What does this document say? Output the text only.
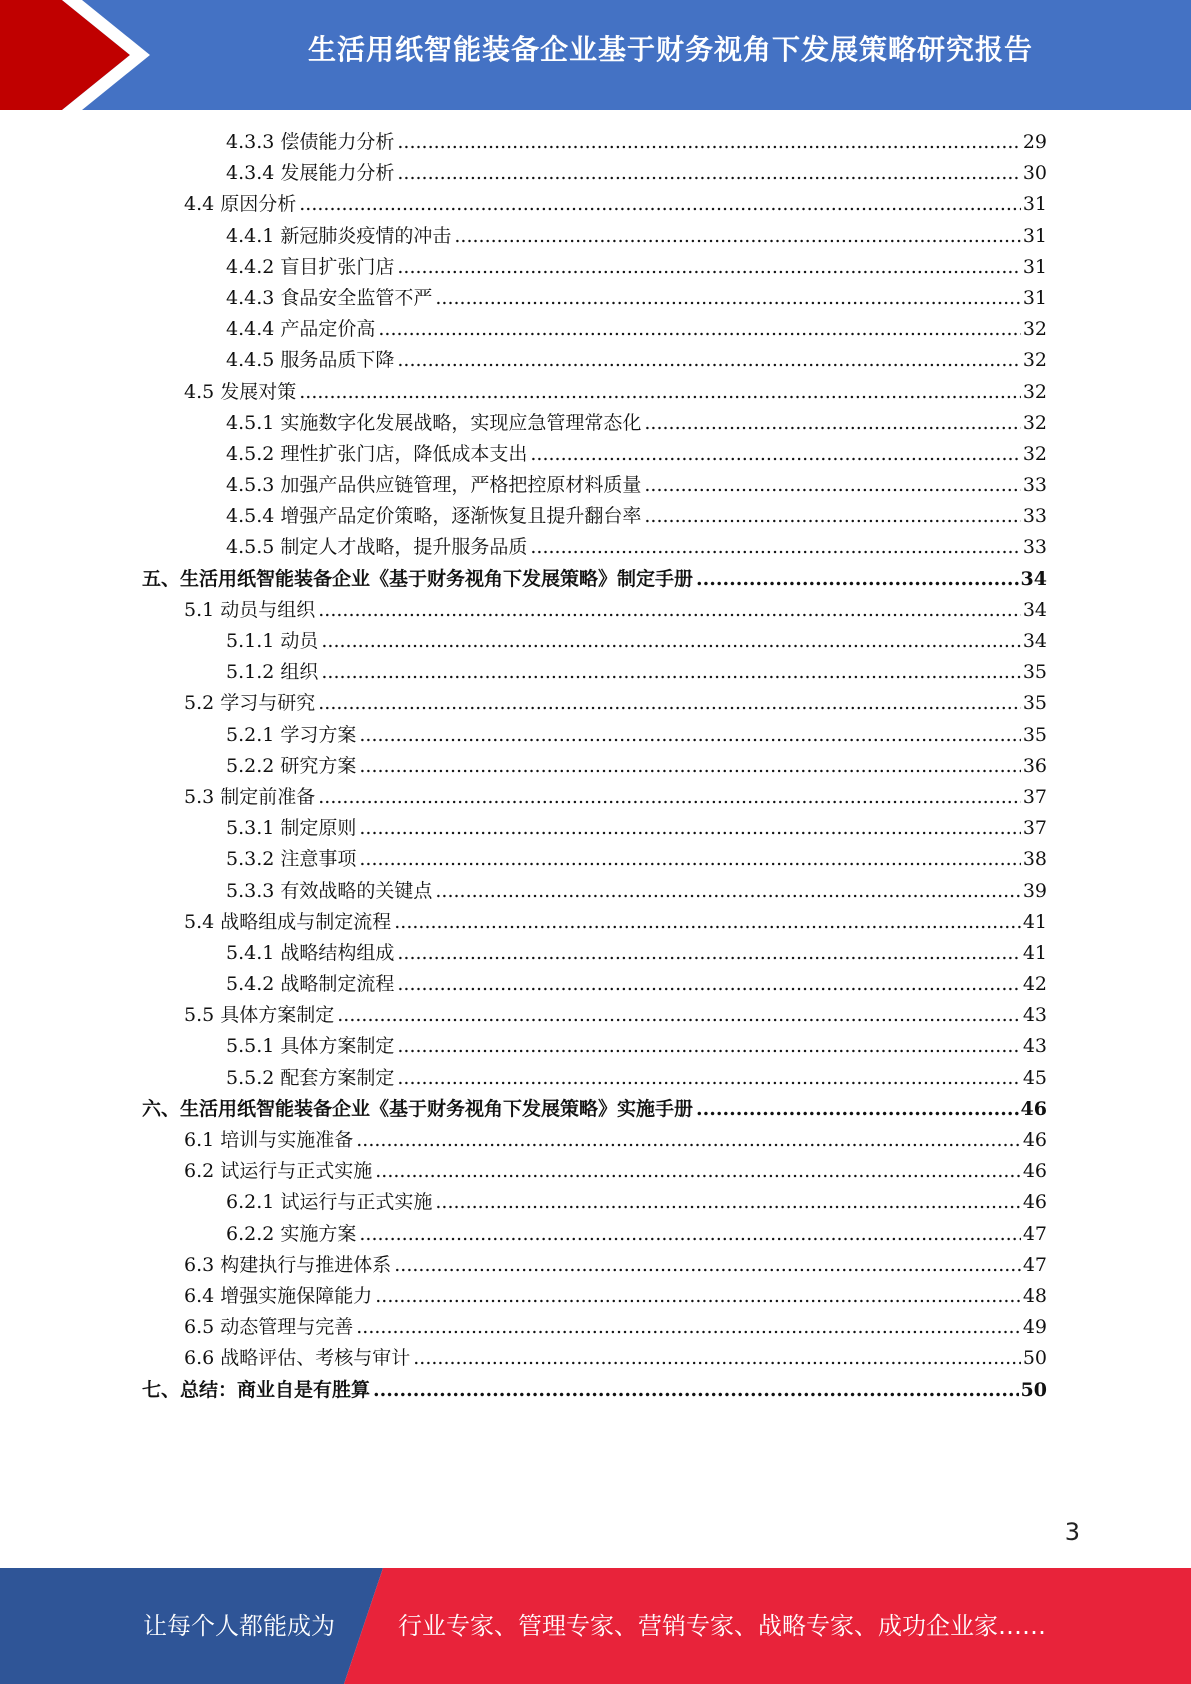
生活用纸智能装备企业基于财务视角下发展策略研究报告
4.3.3 偿债能力分析 .....	29
4.3.4 发展能力分析 .....	30
4.4 原因分析 .....	31
4.4.1 新冠肺炎疫情的冲击 .....	31
4.4.2 盲目扩张门店 .....	31
4.4.3 食品安全监管不严 .....	31
4.4.4 产品定价高 .....	32
4.4.5 服务品质下降 .....	32
4.5 发展对策 .....	32
4.5.1 实施数字化发展战略，实现应急管理常态化 .....	32
4.5.2 理性扩张门店，降低成本支出 .....	32
4.5.3 加强产品供应链管理，严格把控原材料质量 .....	33
4.5.4 增强产品定价策略，逐渐恢复且提升翻台率 .....	33
4.5.5 制定人才战略，提升服务品质 .....	33
五、生活用纸智能装备企业《基于财务视角下发展策略》制定手册 .....	34
5.1 动员与组织 .....	34
5.1.1 动员 .....	34
5.1.2 组织 .....	35
5.2 学习与研究 .....	35
5.2.1 学习方案 .....	35
5.2.2 研究方案 .....	36
5.3 制定前准备 .....	37
5.3.1 制定原则 .....	37
5.3.2 注意事项 .....	38
5.3.3 有效战略的关键点 .....	39
5.4 战略组成与制定流程 .....	41
5.4.1 战略结构组成 .....	41
5.4.2 战略制定流程 .....	42
5.5 具体方案制定 .....	43
5.5.1 具体方案制定 .....	43
5.5.2 配套方案制定 .....	45
六、生活用纸智能装备企业《基于财务视角下发展策略》实施手册 .....	46
6.1 培训与实施准备 .....	46
6.2 试运行与正式实施 .....	46
6.2.1 试运行与正式实施 .....	46
6.2.2 实施方案 .....	47
6.3 构建执行与推进体系 .....	47
6.4 增强实施保障能力 .....	48
6.5 动态管理与完善 .....	49
6.6 战略评估、考核与审计 .....	50
七、总结：商业自是有胜算 .....	50
3
让每个人都能成为	行业专家、管理专家、营销专家、战略专家、成功企业家……
